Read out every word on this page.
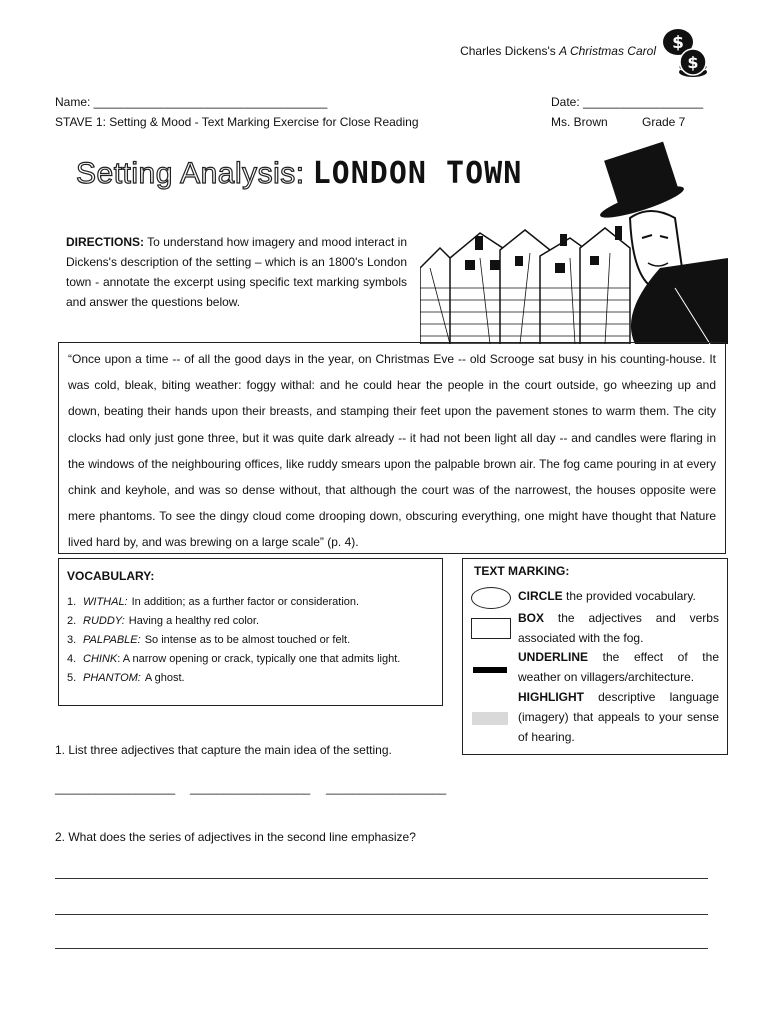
Charles Dickens's A Christmas Carol $
$
Name: ___________________________________
STAVE 1: Setting & Mood - Text Marking Exercise for Close Reading
Date: __________________
Ms. Brown	Grade 7
Setting Analysis: LONDON TOWN
DIRECTIONS: To understand how imagery and mood interact in Dickens's description of the setting – which is an 1800's London town - annotate the excerpt using specific text marking symbols and answer the questions below.
“Once upon a time -- of all the good days in the year, on Christmas Eve -- old Scrooge sat busy in his counting-house. It was cold, bleak, biting weather: foggy withal: and he could hear the people in the court outside, go wheezing up and down, beating their hands upon their breasts, and stamping their feet upon the pavement stones to warm them. The city clocks had only just gone three, but it was quite dark already -- it had not been light all day -- and candles were flaring in the windows of the neighbouring offices, like ruddy smears upon the palpable brown air. The fog came pouring in at every chink and keyhole, and was so dense without, that although the court was of the narrowest, the houses opposite were mere phantoms. To see the dingy cloud come drooping down, obscuring everything, one might have thought that Nature lived hard by, and was brewing on a large scale” (p. 4).
VOCABULARY:
1. WITHAL: In addition; as a further factor or consideration.
2. RUDDY: Having a healthy red color.
3. PALPABLE: So intense as to be almost touched or felt.
4. CHINK : A narrow opening or crack, typically one that admits light.
5. PHANTOM: A ghost.
TEXT MARKING:
CIRCLE the provided vocabulary.
BOX the adjectives and verbs associated with the fog.
UNDERLINE the effect of the weather on villagers/architecture.
HIGHLIGHT descriptive language (imagery) that appeals to your sense of hearing.
1. List three adjectives that capture the main idea of the setting.
__________________ __________________ __________________
2. What does the series of adjectives in the second line emphasize?
